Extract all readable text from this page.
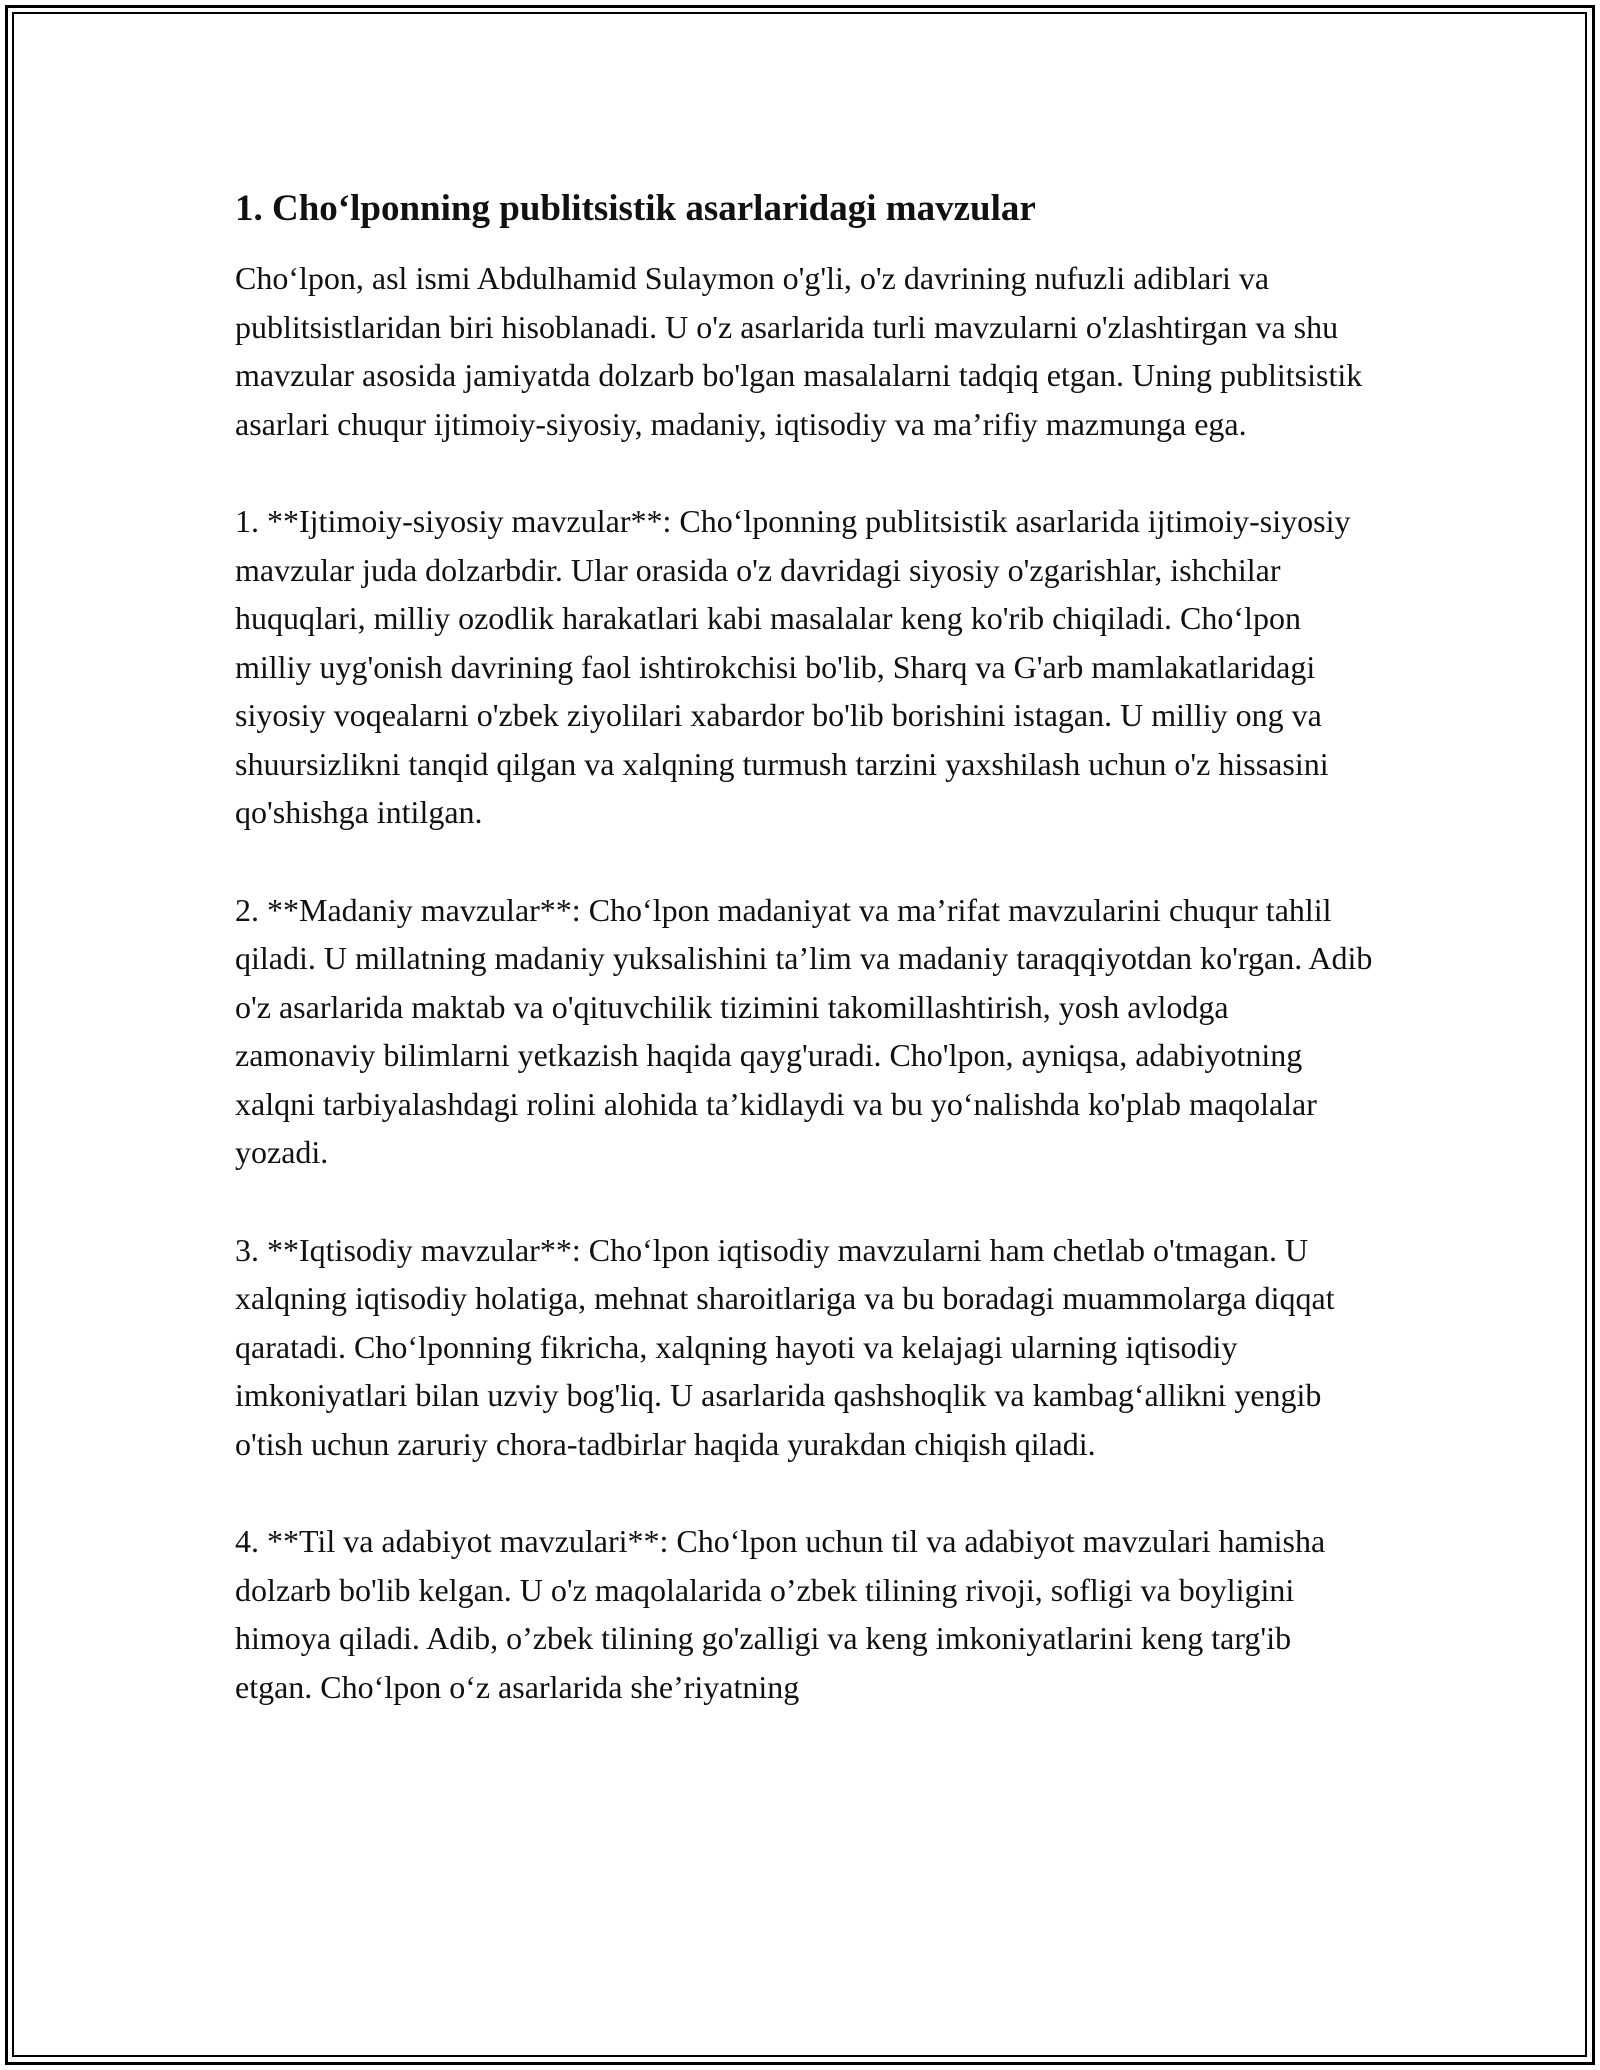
1. Cho‘lponning publitsistik asarlaridagi mavzular

Cho‘lpon, asl ismi Abdulhamid Sulaymon o'g'li, o'z davrining nufuzli adiblari va publitsistlaridan biri hisoblanadi. U o'z asarlarida turli mavzularni o'zlashtirgan va shu mavzular asosida jamiyatda dolzarb bo'lgan masalalarni tadqiq etgan. Uning publitsistik asarlari chuqur ijtimoiy-siyosiy, madaniy, iqtisodiy va ma’rifiy mazmunga ega.

1. **Ijtimoiy-siyosiy mavzular**: Cho‘lponning publitsistik asarlarida ijtimoiy-siyosiy mavzular juda dolzarbdir. Ular orasida o'z davridagi siyosiy o'zgarishlar, ishchilar huquqlari, milliy ozodlik harakatlari kabi masalalar keng ko'rib chiqiladi. Cho‘lpon milliy uyg'onish davrining faol ishtirokchisi bo'lib, Sharq va G'arb mamlakatlaridagi siyosiy voqealarni o'zbek ziyolilari xabardor bo'lib borishini istagan. U milliy ong va shuursizlikni tanqid qilgan va xalqning turmush tarzini yaxshilash uchun o'z hissasini qo'shishga intilgan.

2. **Madaniy mavzular**: Cho‘lpon madaniyat va ma’rifat mavzularini chuqur tahlil qiladi. U millatning madaniy yuksalishini ta’lim va madaniy taraqqiyotdan ko'rgan. Adib o'z asarlarida maktab va o'qituvchilik tizimini takomillashtirish, yosh avlodga zamonaviy bilimlarni yetkazish haqida qayg'uradi. Cho'lpon, ayniqsa, adabiyotning xalqni tarbiyalashdagi rolini alohida ta’kidlaydi va bu yo‘nalishda ko'plab maqolalar yozadi.

3. **Iqtisodiy mavzular**: Cho‘lpon iqtisodiy mavzularni ham chetlab o'tmagan. U xalqning iqtisodiy holatiga, mehnat sharoitlariga va bu boradagi muammolarga diqqat qaratadi. Cho‘lponning fikricha, xalqning hayoti va kelajagi ularning iqtisodiy imkoniyatlari bilan uzviy bog'liq. U asarlarida qashshoqlik va kambag‘allikni yengib o'tish uchun zaruriy chora-tadbirlar haqida yurakdan chiqish qiladi.

4. **Til va adabiyot mavzulari**: Cho‘lpon uchun til va adabiyot mavzulari hamisha dolzarb bo'lib kelgan. U o'z maqolalarida o’zbek tilining rivoji, sofligi va boyligini himoya qiladi. Adib, o’zbek tilining go'zalligi va keng imkoniyatlarini keng targ'ib etgan. Cho‘lpon o‘z asarlarida she’riyatning
